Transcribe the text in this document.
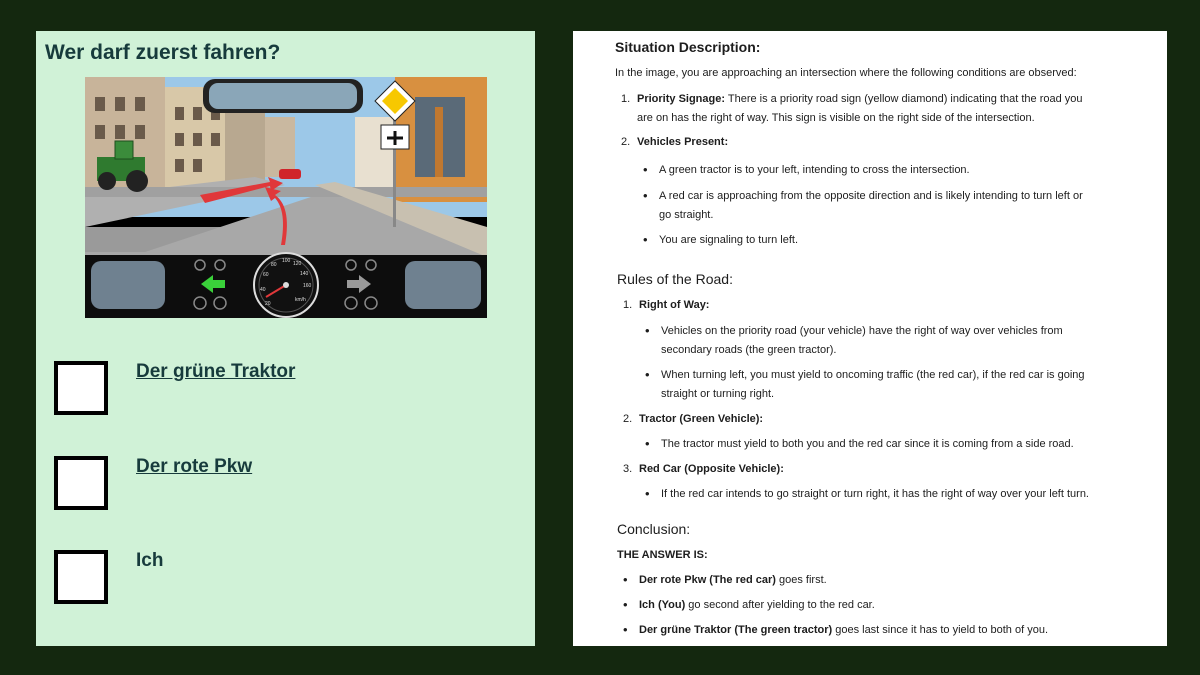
Wer darf zuerst fahren?
20
40
60
80
100 120
140
160
km/h
Der grüne Traktor
Der rote Pkw
Ich
Situation Description:
In the image, you are approaching an intersection where the following conditions are observed:
1. Priority Signage: There is a priority road sign (yellow diamond) indicating that the road you
are on has the right of way. This sign is visible on the right side of the intersection.
2. Vehicles Present:
• A green tractor is to your left, intending to cross the intersection.
• A red car is approaching from the opposite direction and is likely intending to turn left or
go straight.
• You are signaling to turn left.
Rules of the Road:
1. Right of Way:
• Vehicles on the priority road (your vehicle) have the right of way over vehicles from
secondary roads (the green tractor).
• When turning left, you must yield to oncoming traffic (the red car), if the red car is going
straight or turning right.
2. Tractor (Green Vehicle):
• The tractor must yield to both you and the red car since it is coming from a side road.
3. Red Car (Opposite Vehicle):
• If the red car intends to go straight or turn right, it has the right of way over your left turn.
Conclusion:
THE ANSWER IS:
• Der rote Pkw (The red car) goes first.
• Ich (You) go second after yielding to the red car.
• Der grüne Traktor (The green tractor) goes last since it has to yield to both of you.
